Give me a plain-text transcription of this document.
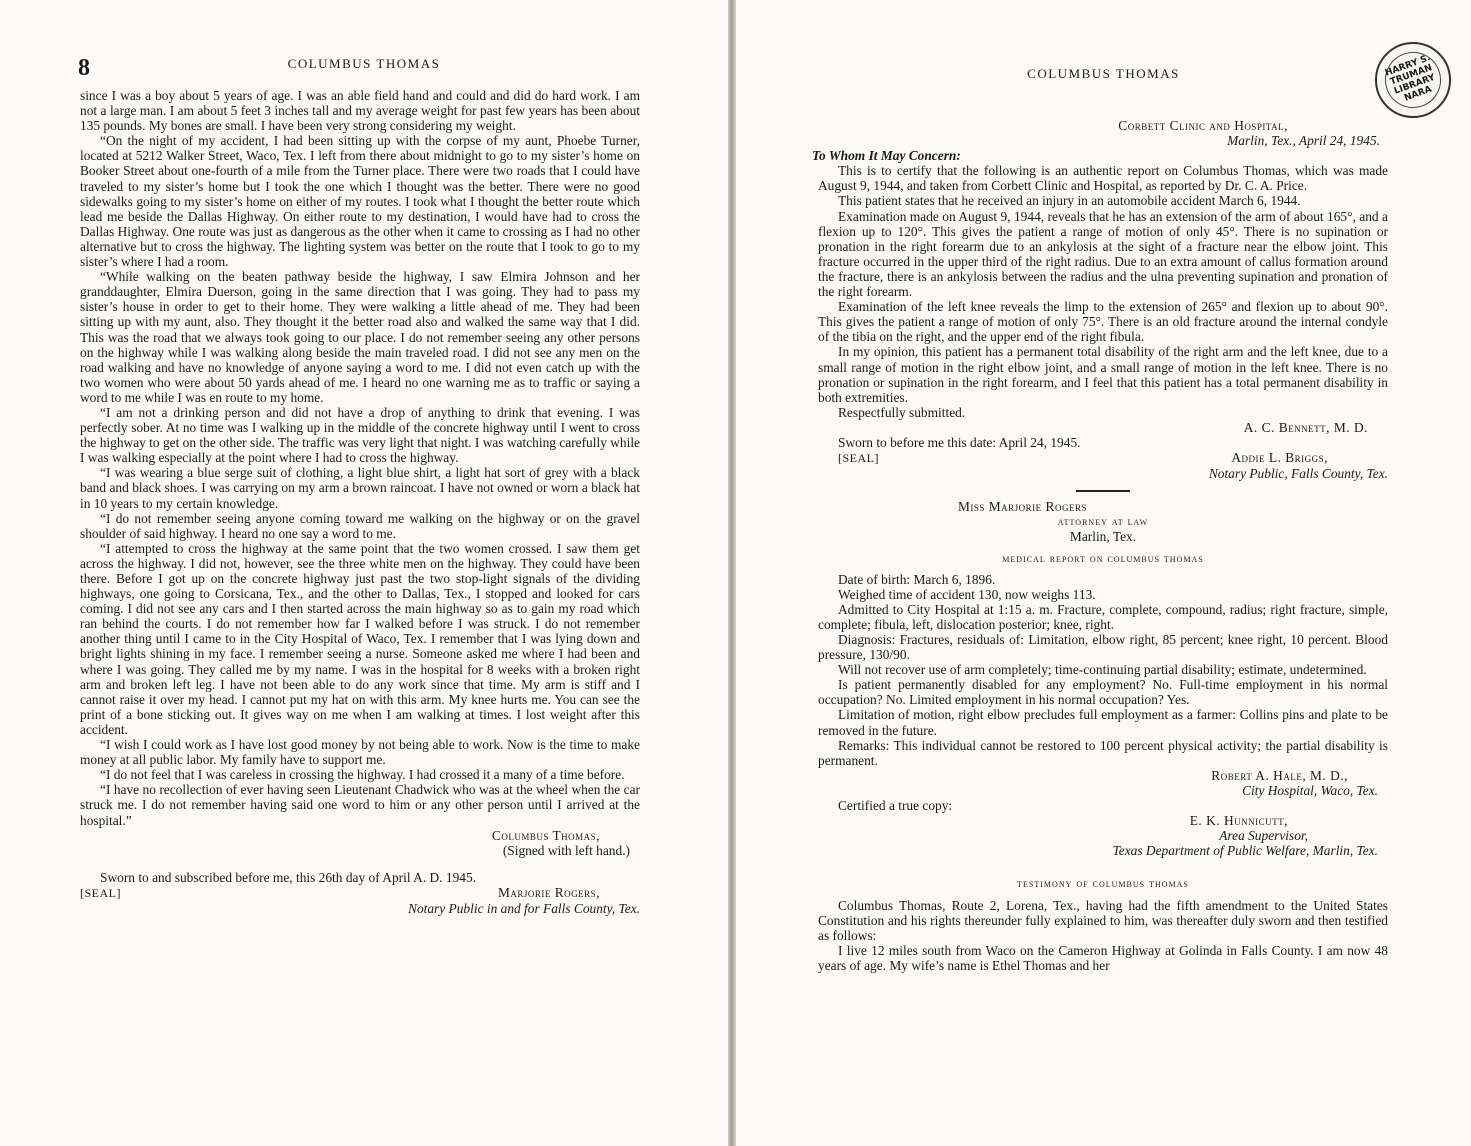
8	COLUMBUS THOMAS

since I was a boy about 5 years of age. I was an able field hand and could and did do hard work. I am not a large man. I am about 5 feet 3 inches tall and my average weight for past few years has been about 135 pounds. My bones are small. I have been very strong considering my weight.

“On the night of my accident, I had been sitting up with the corpse of my aunt, Phoebe Turner, located at 5212 Walker Street, Waco, Tex. I left from there about midnight to go to my sister’s home on Booker Street about one-fourth of a mile from the Turner place. There were two roads that I could have traveled to my sister’s home but I took the one which I thought was the better. There were no good sidewalks going to my sister’s home on either of my routes. I took what I thought the better route which lead me beside the Dallas Highway. On either route to my destination, I would have had to cross the Dallas Highway. One route was just as dangerous as the other when it came to crossing as I had no other alternative but to cross the highway. The lighting system was better on the route that I took to go to my sister’s where I had a room.

“While walking on the beaten pathway beside the highway, I saw Elmira Johnson and her granddaughter, Elmira Duerson, going in the same direction that I was going. They had to pass my sister’s house in order to get to their home. They were walking a little ahead of me. They had been sitting up with my aunt, also. They thought it the better road also and walked the same way that I did. This was the road that we always took going to our place. I do not remember seeing any other persons on the highway while I was walking along beside the main traveled road. I did not see any men on the road walking and have no knowledge of anyone saying a word to me. I did not even catch up with the two women who were about 50 yards ahead of me. I heard no one warning me as to traffic or saying a word to me while I was en route to my home.

“I am not a drinking person and did not have a drop of anything to drink that evening. I was perfectly sober. At no time was I walking up in the middle of the concrete highway until I went to cross the highway to get on the other side. The traffic was very light that night. I was watching carefully while I was walking especially at the point where I had to cross the highway.

“I was wearing a blue serge suit of clothing, a light blue shirt, a light hat sort of grey with a black band and black shoes. I was carrying on my arm a brown raincoat. I have not owned or worn a black hat in 10 years to my certain knowledge.

“I do not remember seeing anyone coming toward me walking on the highway or on the gravel shoulder of said highway. I heard no one say a word to me.

“I attempted to cross the highway at the same point that the two women crossed. I saw them get across the highway. I did not, however, see the three white men on the highway. They could have been there. Before I got up on the concrete highway just past the two stop-light signals of the dividing highways, one going to Corsicana, Tex., and the other to Dallas, Tex., I stopped and looked for cars coming. I did not see any cars and I then started across the main highway so as to gain my road which ran behind the courts. I do not remember how far I walked before I was struck. I do not remember another thing until I came to in the City Hospital of Waco, Tex. I remember that I was lying down and bright lights shining in my face. I remember seeing a nurse. Someone asked me where I had been and where I was going. They called me by my name. I was in the hospital for 8 weeks with a broken right arm and broken left leg. I have not been able to do any work since that time. My arm is stiff and I cannot raise it over my head. I cannot put my hat on with this arm. My knee hurts me. You can see the print of a bone sticking out. It gives way on me when I am walking at times. I lost weight after this accident.

“I wish I could work as I have lost good money by not being able to work. Now is the time to make money at all public labor. My family have to support me.

“I do not feel that I was careless in crossing the highway. I had crossed it a many of a time before.

“I have no recollection of ever having seen Lieutenant Chadwick who was at the wheel when the car struck me. I do not remember having said one word to him or any other person until I arrived at the hospital.”

Columbus Thomas,

(Signed with left hand.)

Sworn to and subscribed before me, this 26th day of April A. D. 1945.

[SEAL]	Marjorie Rogers,

Notary Public in and for Falls County, Tex.

COLUMBUS THOMAS	HARRY S. TRUMAN LIBRARY NARA

Corbett Clinic and Hospital,

Marlin, Tex., April 24, 1945.

To Whom It May Concern:

This is to certify that the following is an authentic report on Columbus Thomas, which was made August 9, 1944, and taken from Corbett Clinic and Hospital, as reported by Dr. C. A. Price.

This patient states that he received an injury in an automobile accident March 6, 1944.

Examination made on August 9, 1944, reveals that he has an extension of the arm of about 165°, and a flexion up to 120°. This gives the patient a range of motion of only 45°. There is no supination or pronation in the right forearm due to an ankylosis at the sight of a fracture near the elbow joint. This fracture occurred in the upper third of the right radius. Due to an extra amount of callus formation around the fracture, there is an ankylosis between the radius and the ulna preventing supination and pronation of the right forearm.

Examination of the left knee reveals the limp to the extension of 265° and flexion up to about 90°. This gives the patient a range of motion of only 75°. There is an old fracture around the internal condyle of the tibia on the right, and the upper end of the right fibula.

In my opinion, this patient has a permanent total disability of the right arm and the left knee, due to a small range of motion in the right elbow joint, and a small range of motion in the left knee. There is no pronation or supination in the right forearm, and I feel that this patient has a total permanent disability in both extremities.

Respectfully submitted.

A. C. Bennett, M. D.

Sworn to before me this date: April 24, 1945.

[SEAL]	Addie L. Briggs,

Notary Public, Falls County, Tex.

Miss Marjorie Rogers

attorney at law

Marlin, Tex.

medical report on columbus thomas

Date of birth: March 6, 1896.

Weighed time of accident 130, now weighs 113.

Admitted to City Hospital at 1:15 a. m. Fracture, complete, compound, radius; right fracture, simple, complete; fibula, left, dislocation posterior; knee, right.

Diagnosis: Fractures, residuals of: Limitation, elbow right, 85 percent; knee right, 10 percent. Blood pressure, 130/90.

Will not recover use of arm completely; time-continuing partial disability; estimate, undetermined.

Is patient permanently disabled for any employment? No. Full-time employment in his normal occupation? No. Limited employment in his normal occupation? Yes.

Limitation of motion, right elbow precludes full employment as a farmer: Collins pins and plate to be removed in the future.

Remarks: This individual cannot be restored to 100 percent physical activity; the partial disability is permanent.

Robert A. Hale, M. D.,

City Hospital, Waco, Tex.

Certified a true copy:

E. K. Hunnicutt,

Area Supervisor,

Texas Department of Public Welfare, Marlin, Tex.

testimony of columbus thomas

Columbus Thomas, Route 2, Lorena, Tex., having had the fifth amendment to the United States Constitution and his rights thereunder fully explained to him, was thereafter duly sworn and then testified as follows:

I live 12 miles south from Waco on the Cameron Highway at Golinda in Falls County. I am now 48 years of age. My wife’s name is Ethel Thomas and her
